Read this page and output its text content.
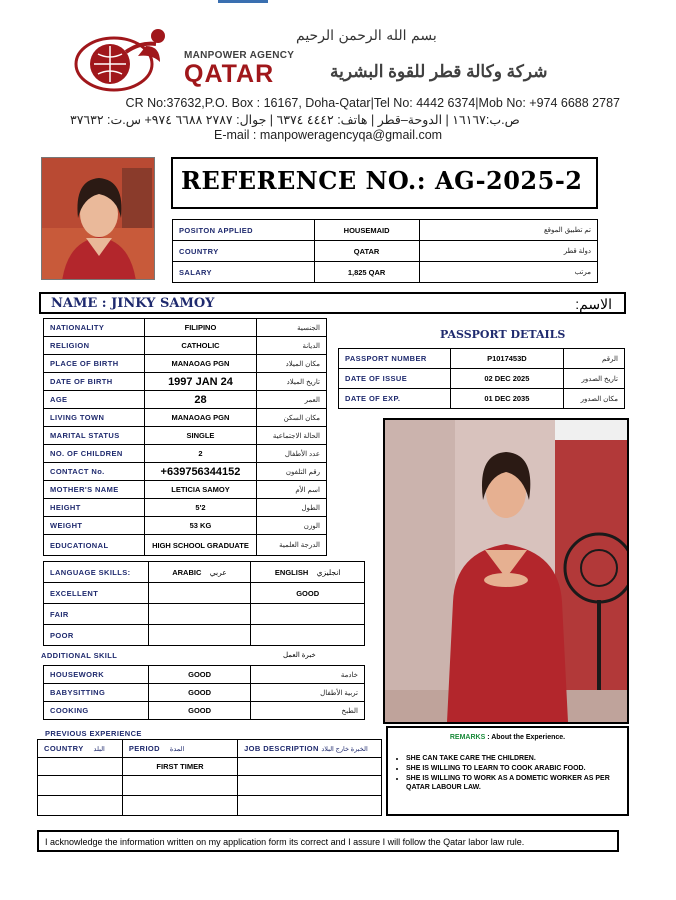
بسم الله الرحمن الرحيم
MANPOWER AGENCY
QATAR	شركة وكالة قطر للقوة البشرية
CR No:37632,P.O. Box : 16167, Doha-Qatar|Tel No: 4442 6374|Mob No: +974 6688 2787
ص.ب:١٦١٦٧ | الدوحة–قطر | هاتف: ٤٤٤٢ ٦٣٧٤ | جوال: ٢٧٨٧ ٦٦٨٨ ٩٧٤+ س.ت: ٣٧٦٣٢
E-mail : manpoweragencyqa@gmail.com
REFERENCE NO.: AG-2025-2
POSITON APPLIED	HOUSEMAID	تم تطبيق الموقع
COUNTRY	QATAR	دولة قطر
SALARY	1,825 QAR	مرتب
NAME : JINKY SAMOY	الاسم:
NATIONALITY	FILIPINO	الجنسية
RELIGION	CATHOLIC	الديانة
PLACE OF BIRTH	MANAOAG PGN	مكان الميلاد
DATE OF BIRTH	1997 JAN 24	تاريخ الميلاد
AGE	28	العمر
LIVING TOWN	MANAOAG PGN	مكان السكن
MARITAL STATUS	SINGLE	الحالة الاجتماعية
NO. OF CHILDREN	2	عدد الأطفال
CONTACT No.	+639756344152	رقم التلفون
MOTHER'S NAME	LETICIA SAMOY	اسم الأم
HEIGHT	5'2	الطول
WEIGHT	53 KG	الوزن
EDUCATIONAL	HIGH SCHOOL GRADUATE	الدرجة العلمية
PASSPORT DETAILS
PASSPORT NUMBER	P1017453D	الرقم
DATE OF ISSUE	02 DEC 2025	تاريخ الصدور
DATE OF EXP.	01 DEC 2035	مكان الصدور
LANGUAGE SKILLS:	ARABIC عربي	ENGLISH انجليزي
EXCELLENT		GOOD
FAIR		
POOR		
ADDITIONAL SKILL	خبرة العمل
HOUSEWORK	GOOD	خادمة
BABYSITTING	GOOD	تربية الأطفال
COOKING	GOOD	الطبخ
PREVIOUS EXPERIENCE
COUNTRY البلد	PERIOD المدة	JOB DESCRIPTION الخبرة خارج البلاد
	FIRST TIMER	

REMARKS : About the Experience.
• SHE CAN TAKE CARE THE CHILDREN.
• SHE IS WILLING TO LEARN TO COOK ARABIC FOOD.
• SHE IS WILLING TO WORK AS A DOMETIC WORKER AS PER QATAR LABOUR LAW.
I acknowledge the information written on my application form its correct and I assure I will follow the Qatar labor law rule.
